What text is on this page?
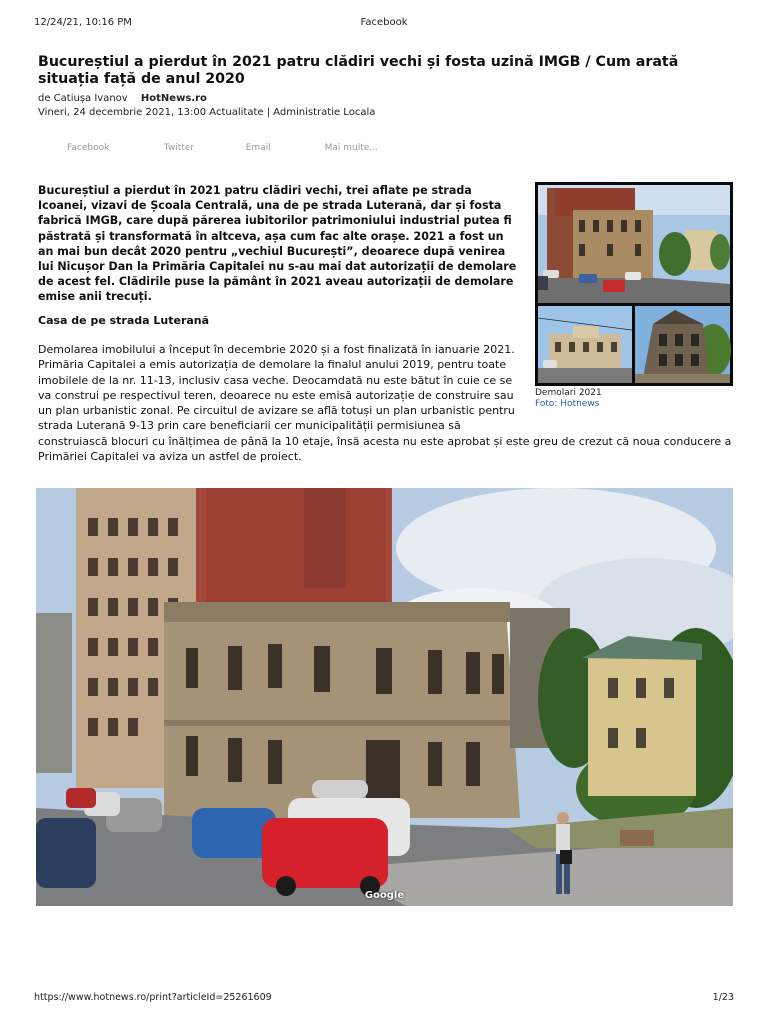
12/24/21, 10:16 PM	Facebook
Bucureștiul a pierdut în 2021 patru clădiri vechi și fosta uzină IMGB / Cum arată situația față de anul 2020
de Catiușa Ivanov HotNews.ro
Vineri, 24 decembrie 2021, 13:00 Actualitate | Administratie Locala
Facebook	Twitter	Email	Mai multe...

Bucureștiul a pierdut în 2021 patru clădiri vechi, trei aflate pe strada Icoanei, vizavi de Școala Centrală, una de pe strada Luterană, dar și fosta fabrică IMGB, care după părerea iubitorilor patrimoniului industrial putea fi păstrată și transformată în altceva, așa cum fac alte orașe. 2021 a fost un an mai bun decât 2020 pentru „vechiul București”, deoarece după venirea lui Nicușor Dan la Primăria Capitalei nu s-au mai dat autorizații de demolare de acest fel. Clădirile puse la pământ în 2021 aveau autorizații de demolare emise anii trecuți.

Casa de pe strada Luterană
Demolarea imobilului a început în decembrie 2020 și a fost finalizată în ianuarie 2021. Primăria Capitalei a emis autorizația de demolare la finalul anului 2019, pentru toate imobilele de la nr. 11-13, inclusiv casa veche. Deocamdată nu este bătut în cuie ce se va construi pe respectivul teren, deoarece nu este emisă autorizație de construire sau un plan urbanistic zonal. Pe circuitul de avizare se află totuși un plan urbanistic pentru strada Luterană 9-13 prin care beneficiarii cer municipalității permisiunea să construiască blocuri cu înălțimea de până la 10 etaje, însă acesta nu este aprobat și este greu de crezut că noua conducere a Primăriei Capitalei va aviza un astfel de proiect.
Demolari 2021
Foto: Hotnews
Google
https://www.hotnews.ro/print?articleId=25261609	1/23
